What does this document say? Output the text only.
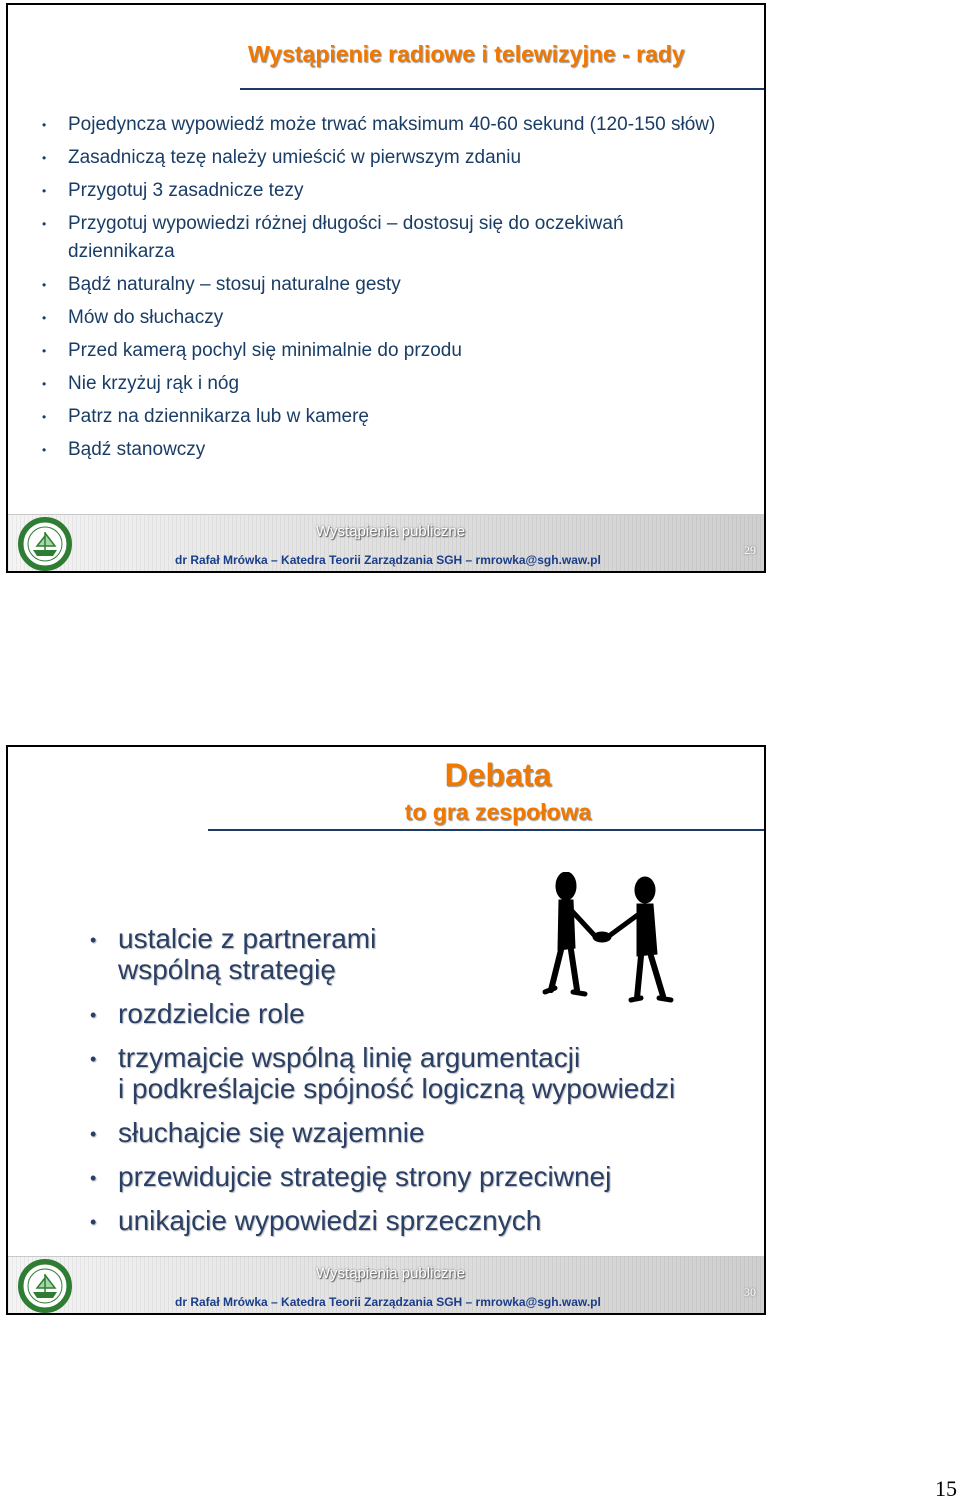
Wystąpienie radiowe i telewizyjne - rady
• Pojedyncza wypowiedź może trwać maksimum 40-60 sekund (120-150 słów)
• Zasadniczą tezę należy umieścić w pierwszym zdaniu
• Przygotuj 3 zasadnicze tezy
• Przygotuj wypowiedzi różnej długości – dostosuj się do oczekiwań dziennikarza
• Bądź naturalny – stosuj naturalne gesty
• Mów do słuchaczy
• Przed kamerą pochyl się minimalnie do przodu
• Nie krzyżuj rąk i nóg
• Patrz na dziennikarza lub w kamerę
• Bądź stanowczy
Wystąpienia publiczne
dr Rafał Mrówka – Katedra Teorii Zarządzania SGH – rmrowka@sgh.waw.pl
29
Debata
to gra zespołowa
• ustalcie z partnerami
wspólną strategię
• rozdzielcie role
• trzymajcie wspólną linię argumentacji
i podkreślajcie spójność logiczną wypowiedzi
• słuchajcie się wzajemnie
• przewidujcie strategię strony przeciwnej
• unikajcie wypowiedzi sprzecznych
Wystąpienia publiczne
dr Rafał Mrówka – Katedra Teorii Zarządzania SGH – rmrowka@sgh.waw.pl
30
15
